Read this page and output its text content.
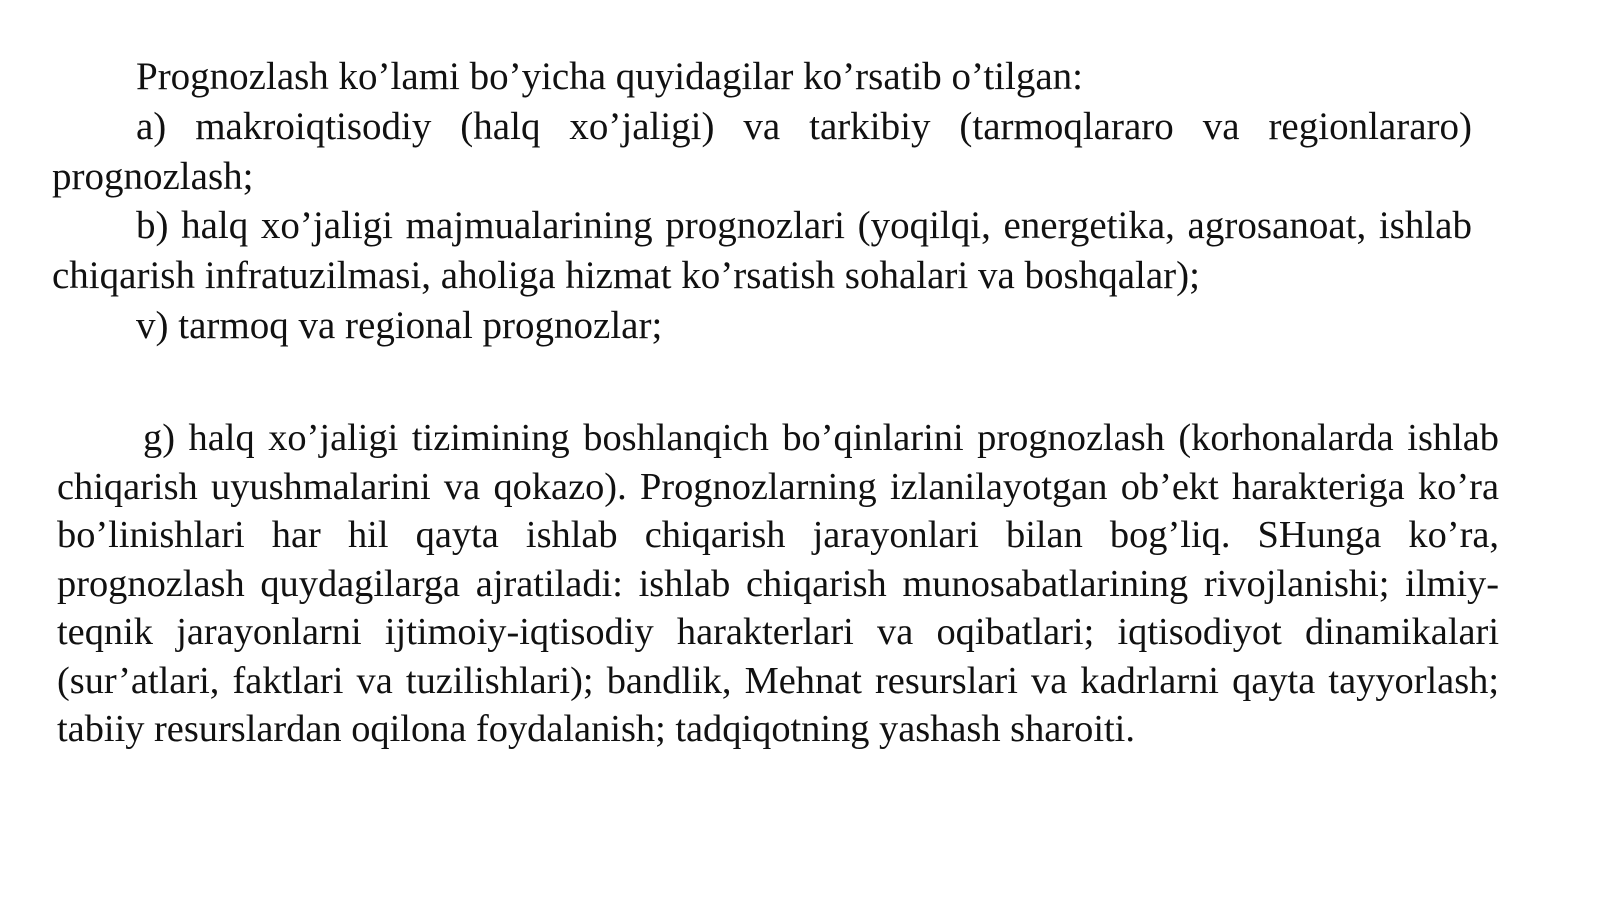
Prognozlash ko’lami bo’yicha quyidagilar ko’rsatib o’tilgan:

a) makroiqtisodiy (halq xo’jaligi) va tarkibiy (tarmoqlararo va regionlararo) prognozlash;

b) halq xo’jaligi majmualarining prognozlari (yoqilqi, energetika, agrosanoat, ishlab chiqarish infratuzilmasi, aholiga hizmat ko’rsatish sohalari va boshqalar);

v) tarmoq va regional prognozlar;

g) halq xo’jaligi tizimining boshlanqich bo’qinlarini prognozlash (korhonalarda ishlab chiqarish uyushmalarini va qokazo). Prognozlarning izlanilayotgan ob’ekt harakteriga ko’ra bo’linishlari har hil qayta ishlab chiqarish jarayonlari bilan bog’liq. SHunga ko’ra, prognozlash quydagilarga ajratiladi: ishlab chiqarish munosabatlarining rivojlanishi; ilmiy-teqnik jarayonlarni ijtimoiy-iqtisodiy harakterlari va oqibatlari; iqtisodiyot dinamikalari (sur’atlari, faktlari va tuzilishlari); bandlik, Mehnat resurslari va kadrlarni qayta tayyorlash; tabiiy resurslardan oqilona foydalanish; tadqiqotning yashash sharoiti.
